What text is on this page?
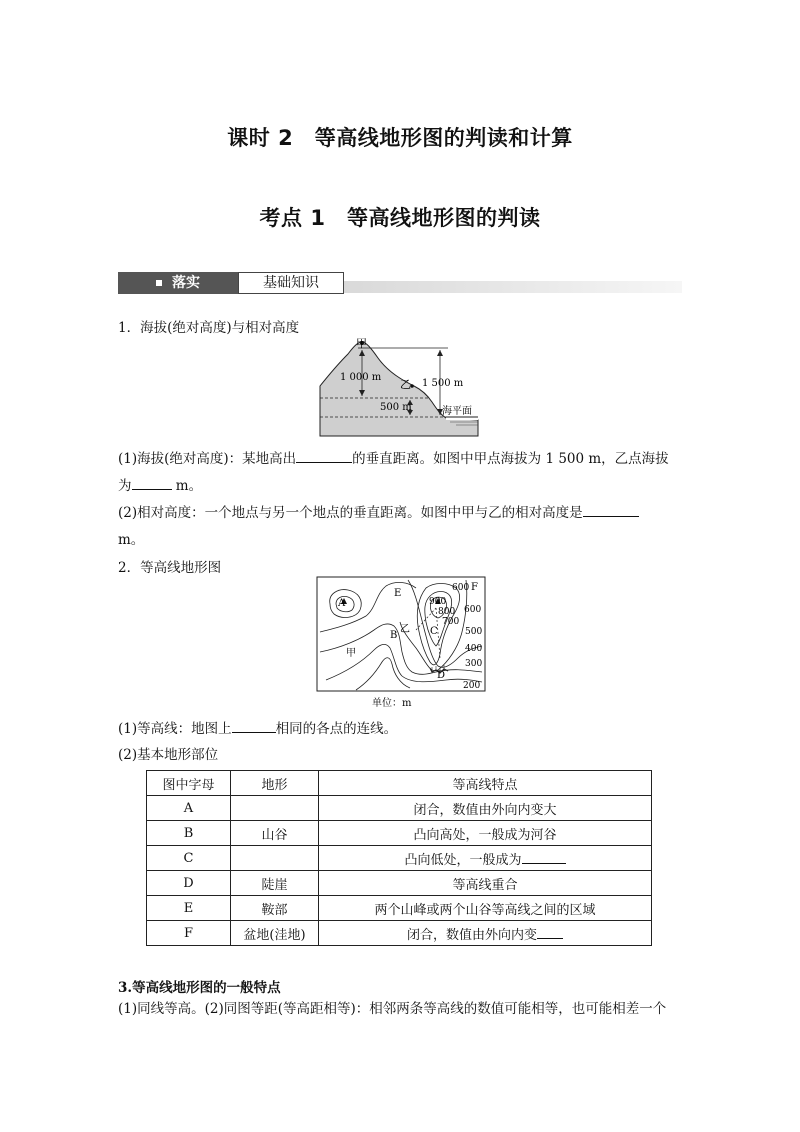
课时 2　等高线地形图的判读和计算
考点 1　等高线地形图的判读
落实	基础知识
1．海拔(绝对高度)与相对高度
甲
乙
1 000 m
1 500 m
500 m	海平面
(1)海拔(绝对高度)：某地高出	的垂直距离。如图中甲点海拔为 1 500 m，乙点海拔
为	m。
(2)相对高度：一个地点与另一个地点的垂直距离。如图中甲与乙的相对高度是
m。
2．等高线地形图
A
B	C
D
E
F
甲
乙
900
800
700
600
600
500
400
300
200
单位：m
(1)等高线：地图上	相同的各点的连线。
(2)基本地形部位
图中字母	地形	等高线特点
A		闭合，数值由外向内变大
B	山谷	凸向高处，一般成为河谷
C		凸向低处，一般成为
D	陡崖	等高线重合
E	鞍部	两个山峰或两个山谷等高线之间的区域
F	盆地(洼地)	闭合，数值由外向内变
3.等高线地形图的一般特点
(1)同线等高。(2)同图等距(等高距相等)：相邻两条等高线的数值可能相等，也可能相差一个
